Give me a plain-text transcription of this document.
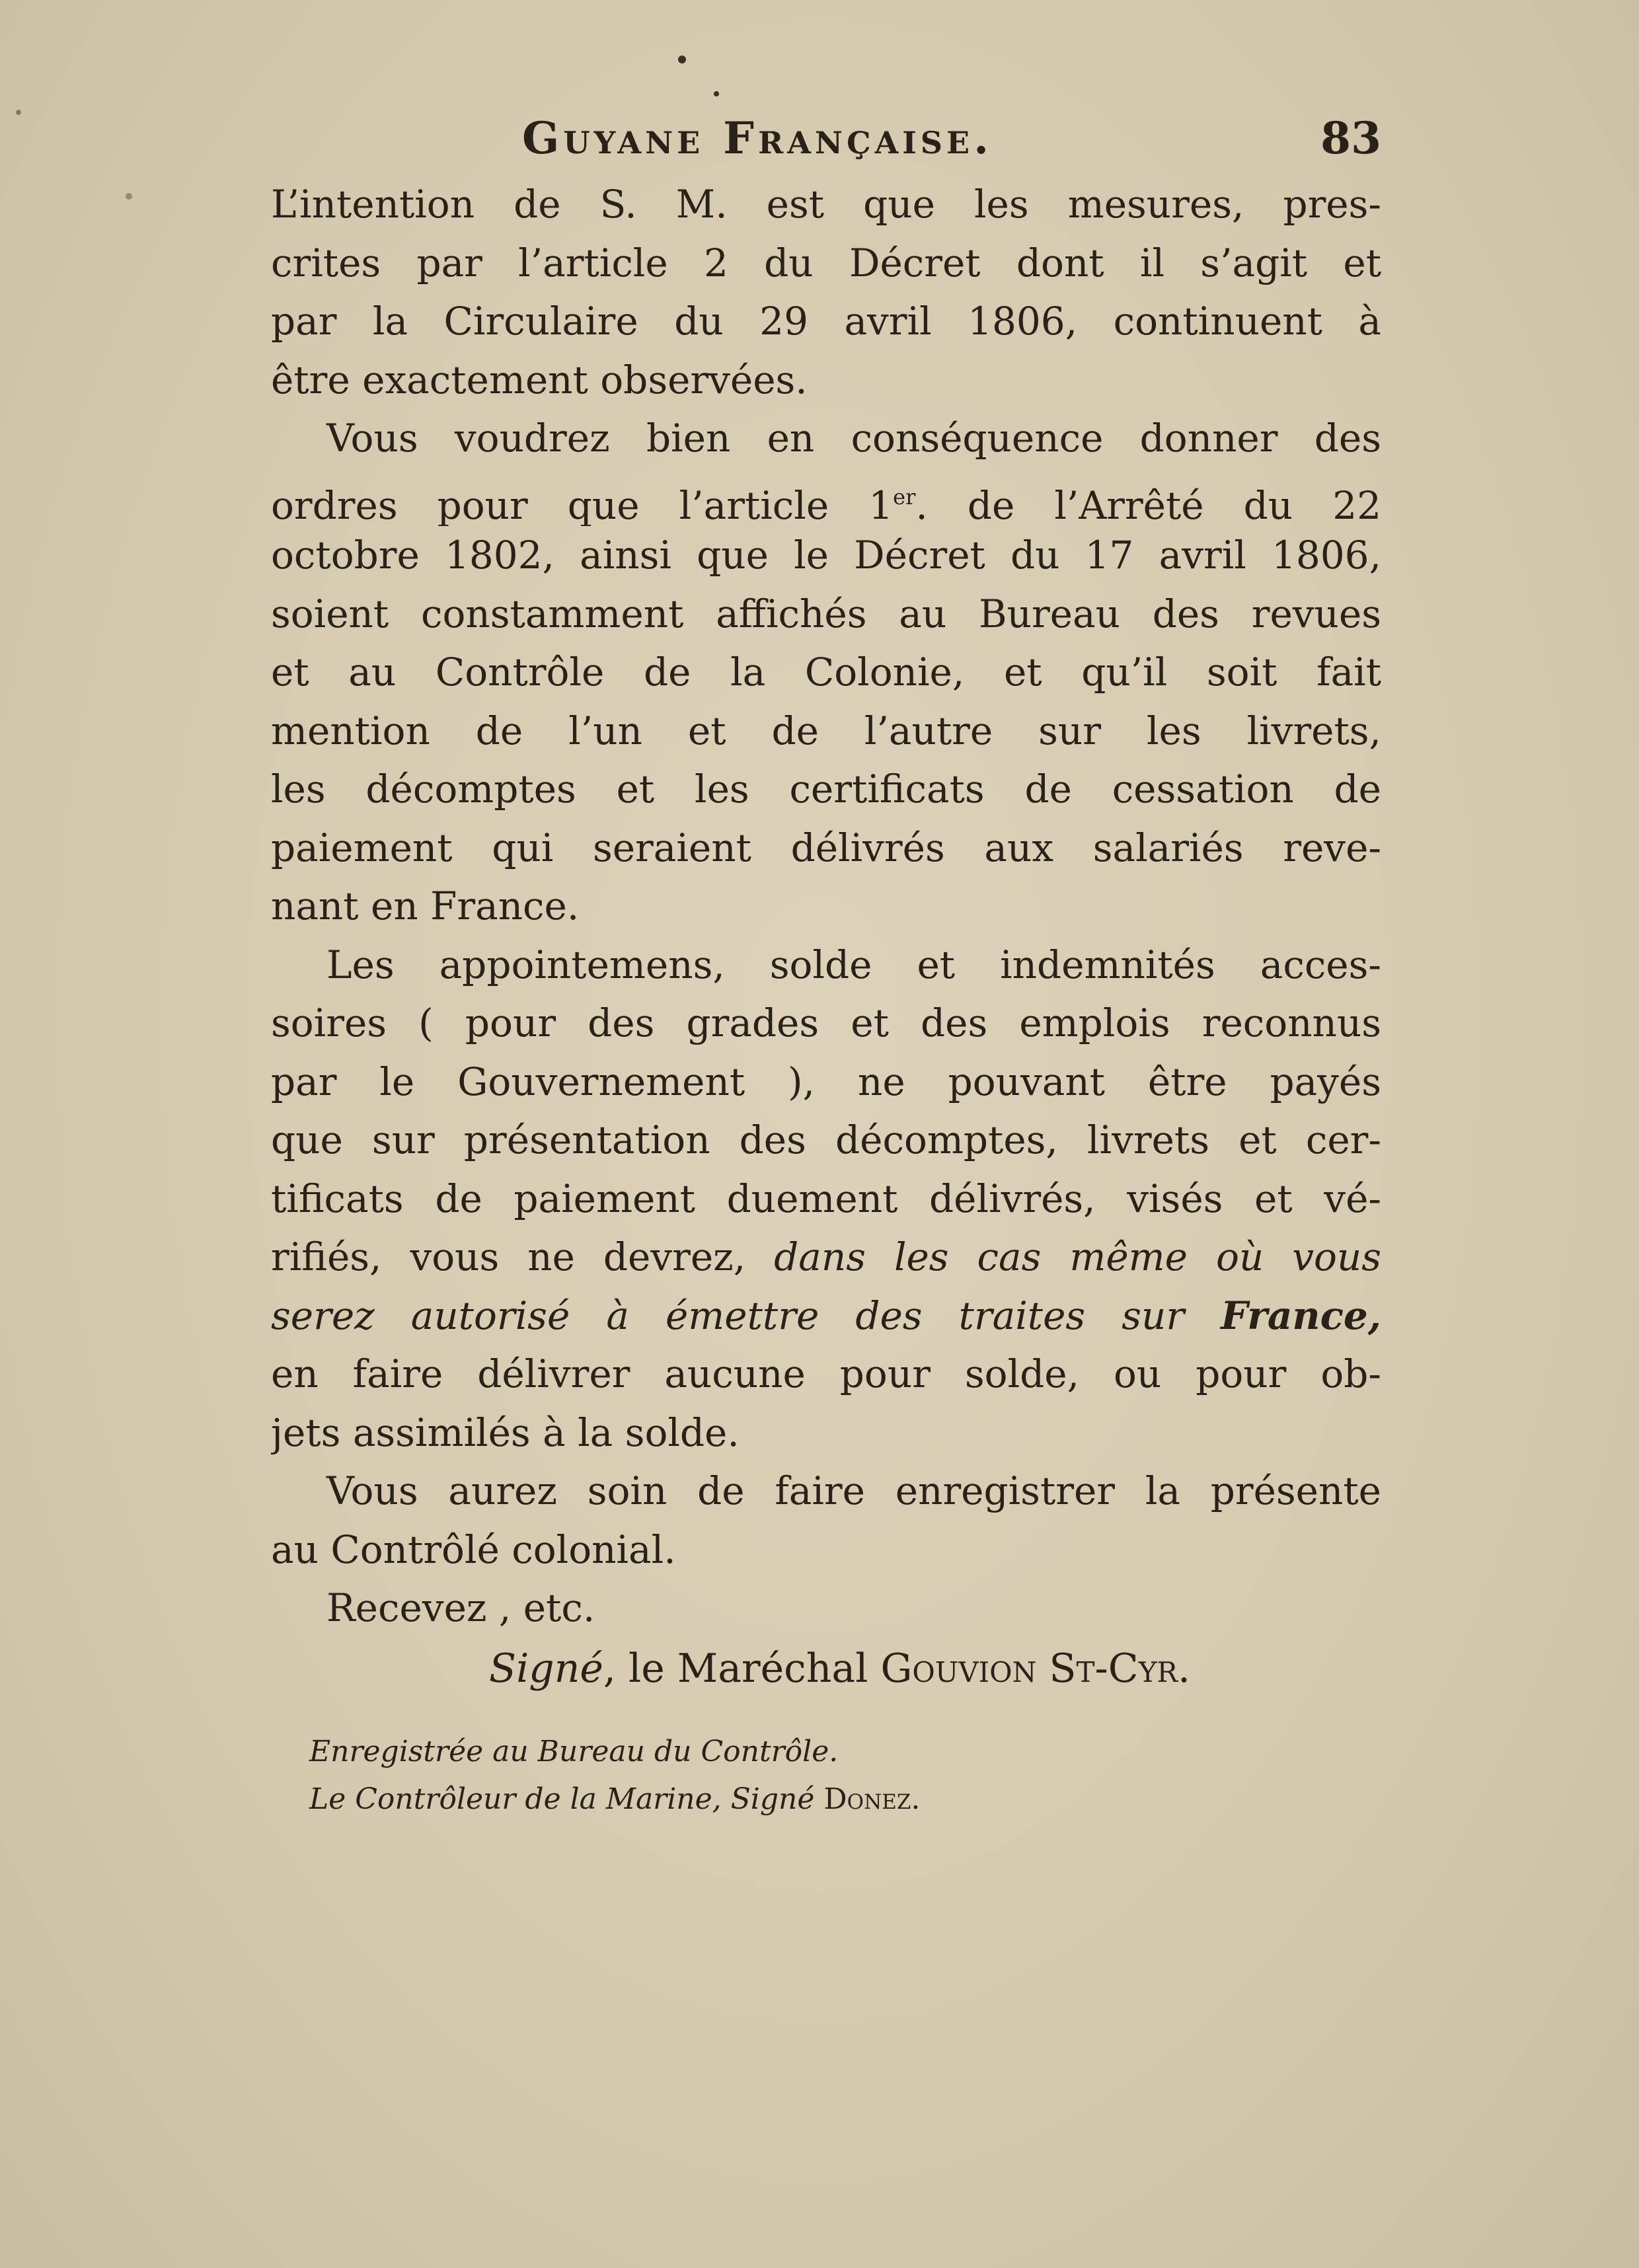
Guyane Française.	83
L’intention de S. M. est que les mesures, pres-
crites par l’article 2 du Décret dont il s’agit et
par la Circulaire du 29 avril 1806, continuent à
être exactement observées.
Vous voudrez bien en conséquence donner des
ordres pour que l’article 1er. de l’Arrêté du 22
octobre 1802, ainsi que le Décret du 17 avril 1806,
soient constamment affichés au Bureau des revues
et au Contrôle de la Colonie, et qu’il soit fait
mention de l’un et de l’autre sur les livrets,
les décomptes et les certificats de cessation de
paiement qui seraient délivrés aux salariés reve-
nant en France.
Les appointemens, solde et indemnités acces-
soires ( pour des grades et des emplois reconnus
par le Gouvernement ), ne pouvant être payés
que sur présentation des décomptes, livrets et cer-
tificats de paiement duement délivrés, visés et vé-
rifiés, vous ne devrez, dans les cas même où vous
serez autorisé à émettre des traites sur France,
en faire délivrer aucune pour solde, ou pour ob-
jets assimilés à la solde.
Vous aurez soin de faire enregistrer la présente
au Contrôlé colonial.
Recevez , etc.
Signé, le Maréchal Gouvion St-Cyr.
Enregistrée au Bureau du Contrôle.
Le Contrôleur de la Marine, Signé Donez.
